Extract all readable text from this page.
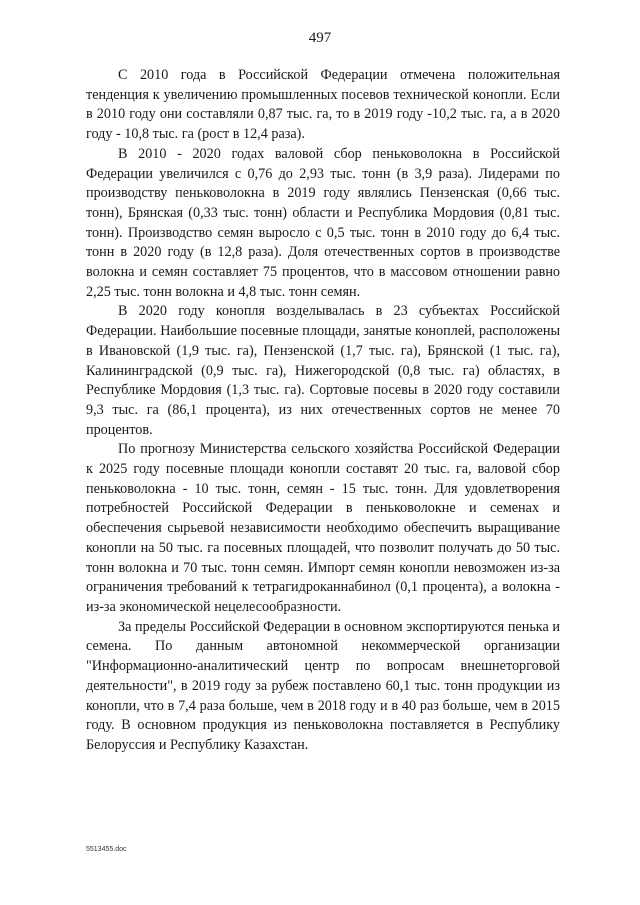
497

С 2010 года в Российской Федерации отмечена положительная тенденция к увеличению промышленных посевов технической конопли. Если в 2010 году они составляли 0,87 тыс. га, то в 2019 году -10,2 тыс. га, а в 2020 году - 10,8 тыс. га (рост в 12,4 раза).

В 2010 - 2020 годах валовой сбор пеньковолокна в Российской Федерации увеличился с 0,76 до 2,93 тыс. тонн (в 3,9 раза). Лидерами по производству пеньковолокна в 2019 году являлись Пензенская (0,66 тыс. тонн), Брянская (0,33 тыс. тонн) области и Республика Мордовия (0,81 тыс. тонн). Производство семян выросло с 0,5 тыс. тонн в 2010 году до 6,4 тыс. тонн в 2020 году (в 12,8 раза). Доля отечественных сортов в производстве волокна и семян составляет 75 процентов, что в массовом отношении равно 2,25 тыс. тонн волокна и 4,8 тыс. тонн семян.

В 2020 году конопля возделывалась в 23 субъектах Российской Федерации. Наибольшие посевные площади, занятые коноплей, расположены в Ивановской (1,9 тыс. га), Пензенской (1,7 тыс. га), Брянской (1 тыс. га), Калининградской (0,9 тыс. га), Нижегородской (0,8 тыс. га) областях, в Республике Мордовия (1,3 тыс. га). Сортовые посевы в 2020 году составили 9,3 тыс. га (86,1 процента), из них отечественных сортов не менее 70 процентов.

По прогнозу Министерства сельского хозяйства Российской Федерации к 2025 году посевные площади конопли составят 20 тыс. га, валовой сбор пеньковолокна - 10 тыс. тонн, семян - 15 тыс. тонн. Для удовлетворения потребностей Российской Федерации в пеньковолокне и семенах и обеспечения сырьевой независимости необходимо обеспечить выращивание конопли на 50 тыс. га посевных площадей, что позволит получать до 50 тыс. тонн волокна и 70 тыс. тонн семян. Импорт семян конопли невозможен из-за ограничения требований к тетрагидроканнабинол (0,1 процента), а волокна - из-за экономической нецелесообразности.

За пределы Российской Федерации в основном экспортируются пенька и семена. По данным автономной некоммерческой организации "Информационно-аналитический центр по вопросам внешнеторговой деятельности", в 2019 году за рубеж поставлено 60,1 тыс. тонн продукции из конопли, что в 7,4 раза больше, чем в 2018 году и в 40 раз больше, чем в 2015 году. В основном продукция из пеньковолокна поставляется в Республику Белоруссия и Республику Казахстан.

5513455.doc
